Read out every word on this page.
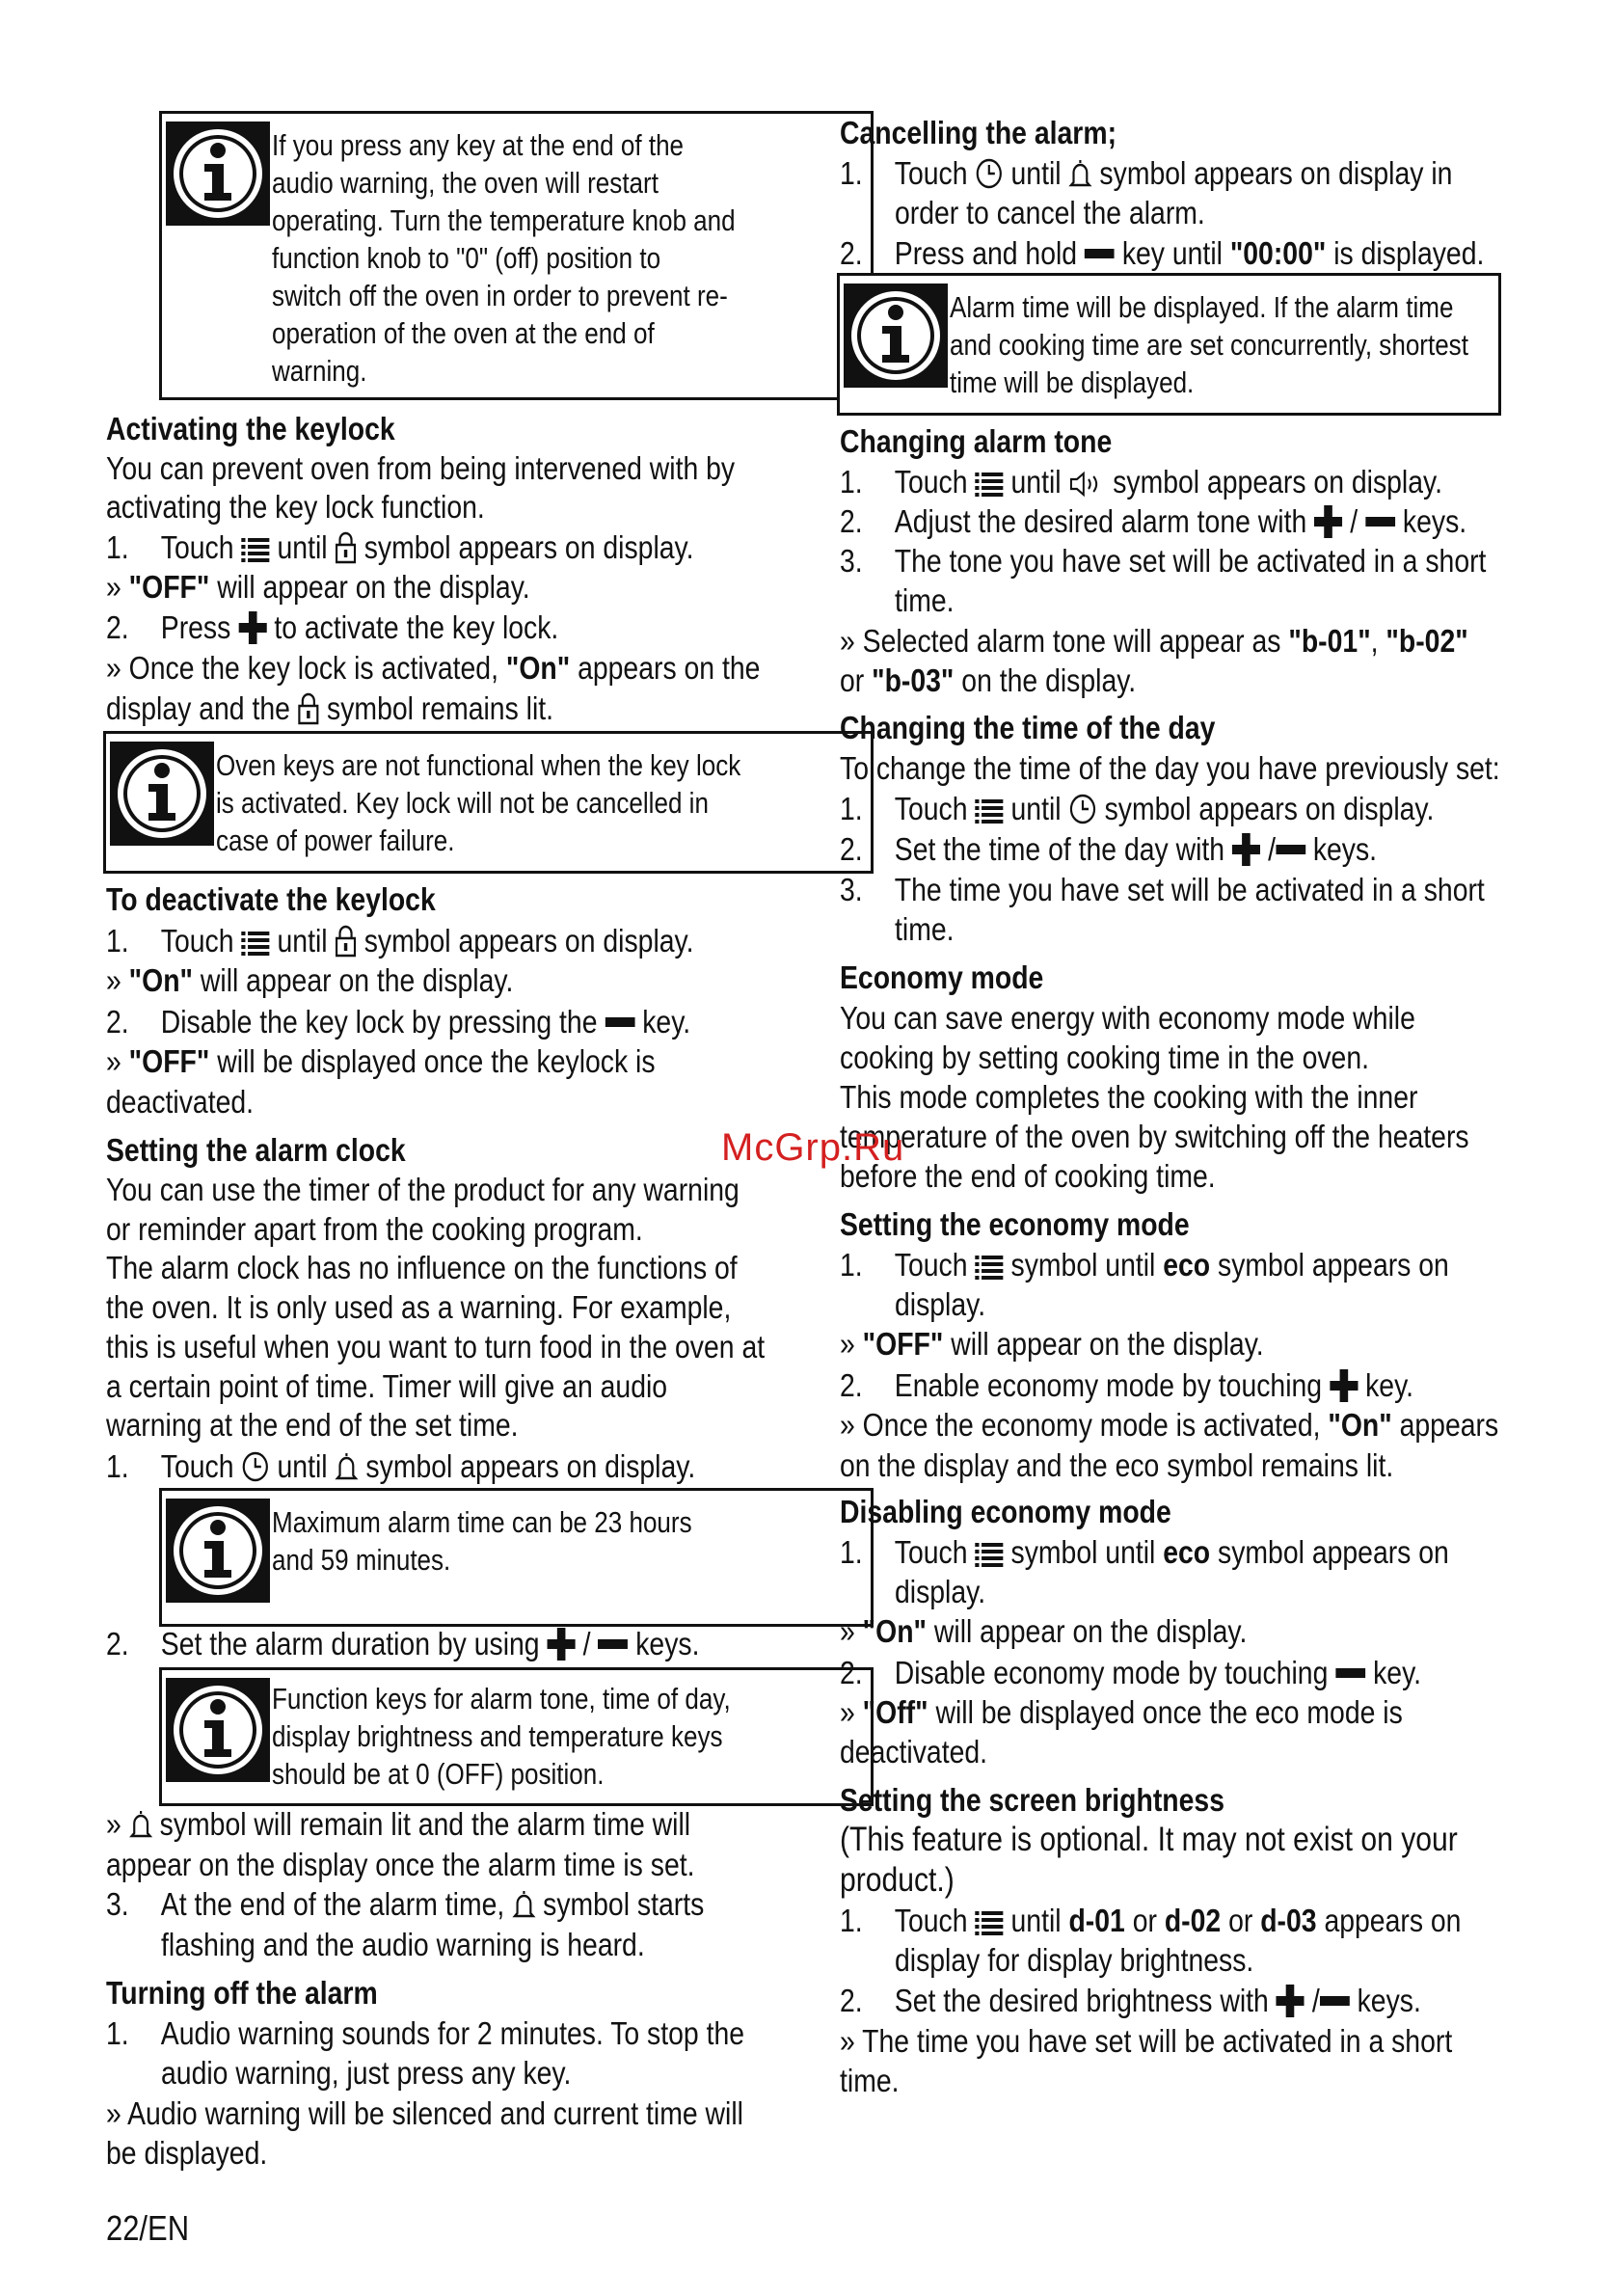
If you press any key at the end of the
audio warning, the oven will restart
operating. Turn the temperature knob and
function knob to "0" (off) position to
switch off the oven in order to prevent re-
operation of the oven at the end of
warning.
Activating the keylock
You can prevent oven from being intervened with by
activating the key lock function.
1. Touch until symbol appears on display.
» "OFF" will appear on the display.
2. Press to activate the key lock.
» Once the key lock is activated, "On" appears on the
display and the symbol remains lit.
Oven keys are not functional when the key lock
is activated. Key lock will not be cancelled in
case of power failure.
To deactivate the keylock
1. Touch until symbol appears on display.
» "On" will appear on the display.
2. Disable the key lock by pressing the key.
» "OFF" will be displayed once the keylock is
deactivated.
Setting the alarm clock
You can use the timer of the product for any warning
or reminder apart from the cooking program.
The alarm clock has no influence on the functions of
the oven. It is only used as a warning. For example,
this is useful when you want to turn food in the oven at
a certain point of time. Timer will give an audio
warning at the end of the set time.
1. Touch until symbol appears on display.
Maximum alarm time can be 23 hours
and 59 minutes.
2. Set the alarm duration by using / keys.
Function keys for alarm tone, time of day,
display brightness and temperature keys
should be at 0 (OFF) position.
» symbol will remain lit and the alarm time will
appear on the display once the alarm time is set.
3. At the end of the alarm time, symbol starts
flashing and the audio warning is heard.
Turning off the alarm
1. Audio warning sounds for 2 minutes. To stop the
audio warning, just press any key.
» Audio warning will be silenced and current time will
be displayed.
Cancelling the alarm;
1. Touch until symbol appears on display in
order to cancel the alarm.
2. Press and hold key until "00:00" is displayed.
Alarm time will be displayed. If the alarm time
and cooking time are set concurrently, shortest
time will be displayed.
Changing alarm tone
1. Touch until symbol appears on display.
2. Adjust the desired alarm tone with / keys.
3. The tone you have set will be activated in a short
time.
» Selected alarm tone will appear as "b-01", "b-02"
or "b-03" on the display.
Changing the time of the day
To change the time of the day you have previously set:
1. Touch until symbol appears on display.
2. Set the time of the day with / keys.
3. The time you have set will be activated in a short
time.
Economy mode
You can save energy with economy mode while
cooking by setting cooking time in the oven.
This mode completes the cooking with the inner
temperature of the oven by switching off the heaters
before the end of cooking time.
Setting the economy mode
1. Touch symbol until eco symbol appears on
display.
» "OFF" will appear on the display.
2. Enable economy mode by touching key.
» Once the economy mode is activated, "On" appears
on the display and the eco symbol remains lit.
Disabling economy mode
1. Touch symbol until eco symbol appears on
display.
» "On" will appear on the display.
2. Disable economy mode by touching key.
» "Off" will be displayed once the eco mode is
deactivated.
Setting the screen brightness
(This feature is optional. It may not exist on your
product.)
1. Touch until d-01 or d-02 or d-03 appears on
display for display brightness.
2. Set the desired brightness with / keys.
» The time you have set will be activated in a short
time.
McGrp.Ru
22/EN
